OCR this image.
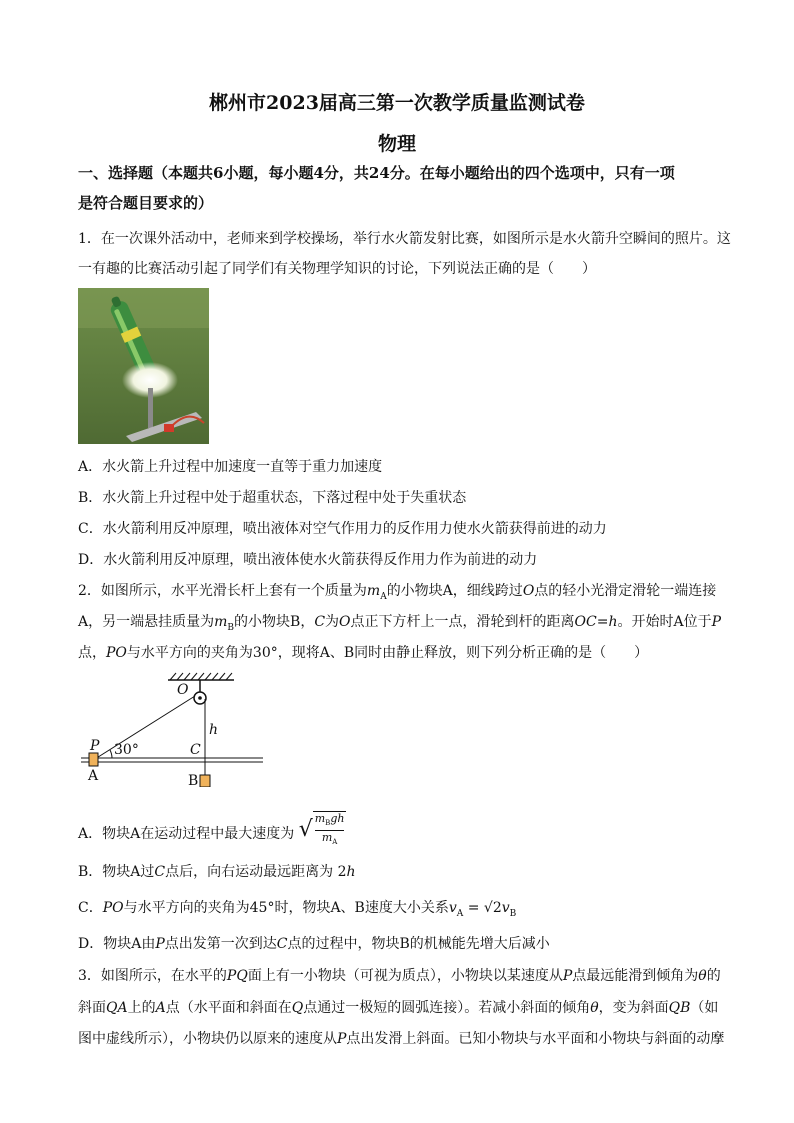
郴州市2023届高三第一次教学质量监测试卷
物理
一、选择题（本题共6小题，每小题4分，共24分。在每小题给出的四个选项中，只有一项
是符合题目要求的）
1．在一次课外活动中，老师来到学校操场，举行水火箭发射比赛，如图所示是水火箭升空瞬间的照片。这
一有趣的比赛活动引起了同学们有关物理学知识的讨论，下列说法正确的是（　　）
A．水火箭上升过程中加速度一直等于重力加速度
B．水火箭上升过程中处于超重状态，下落过程中处于失重状态
C．水火箭利用反冲原理，喷出液体对空气作用力的反作用力使水火箭获得前进的动力
D．水火箭利用反冲原理，喷出液体使水火箭获得反作用力作为前进的动力
2．如图所示，水平光滑长杆上套有一个质量为$m_A$的小物块A，细线跨过O点的轻小光滑定滑轮一端连接
A，另一端悬挂质量为$m_B$的小物块B，C为O点正下方杆上一点，滑轮到杆的距离OC=h。开始时A位于P
点，PO与水平方向的夹角为30°，现将A、B同时由静止释放，则下列分析正确的是（　　）
O
h
P 30°	C
A	B
A．物块A在运动过程中最大速度为 √ $m_Bgh$
$m_A$
B．物块A过C点后，向右运动最远距离为 2h
C．PO与水平方向的夹角为45°时，物块A、B速度大小关系$v_A = √2v_B$
D．物块A由P点出发第一次到达C点的过程中，物块B的机械能先增大后减小
3．如图所示，在水平的PQ面上有一小物块（可视为质点），小物块以某速度从P点最远能滑到倾角为θ的
斜面QA上的A点（水平面和斜面在Q点通过一极短的圆弧连接）。若减小斜面的倾角θ，变为斜面QB（如
图中虚线所示），小物块仍以原来的速度从P点出发滑上斜面。已知小物块与水平面和小物块与斜面的动摩
